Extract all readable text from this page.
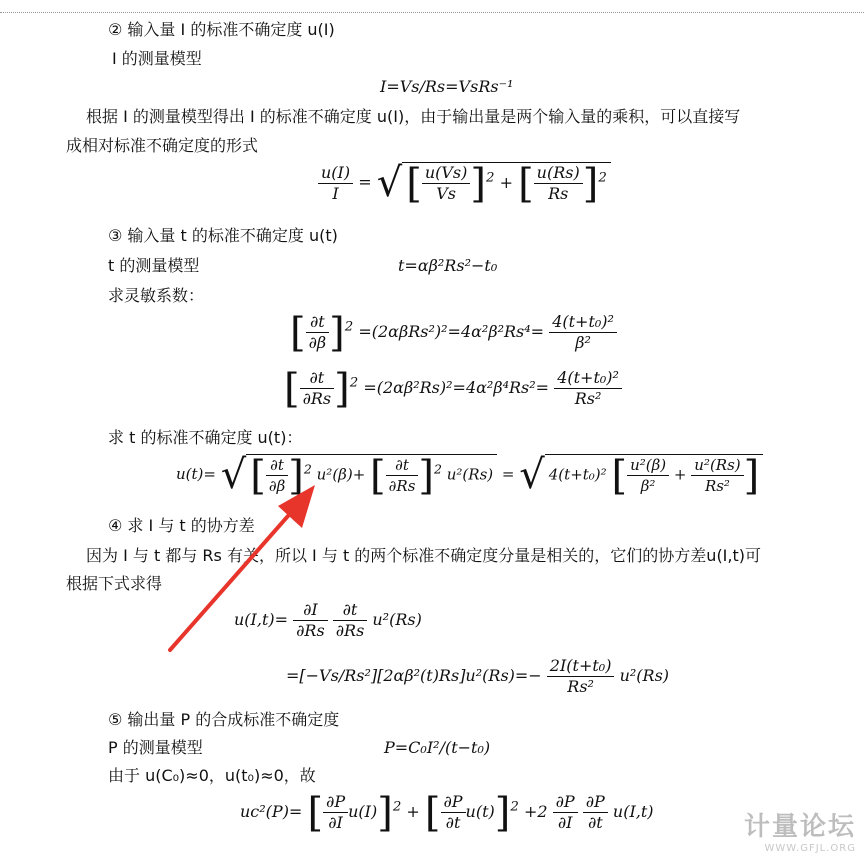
② 输入量 I 的标准不确定度 u(I)
I 的测量模型
I=Vs/Rs=VsRs⁻¹
根据 I 的测量模型得出 I 的标准不确定度 u(I)，由于输出量是两个输入量的乘积，可以直接写
成相对标准不确定度的形式
$\frac{u(I)}{I}$ = √ [ $\frac{u(Vs)}{Vs} ]^2$ + [ $\frac{u(Rs)}{Rs} ]^2$
③ 输入量 t 的标准不确定度 u(t)
t 的测量模型	t=αβ²Rs²−t₀
求灵敏系数：
[ $\frac{\partial t}{\partial\beta} ]^2 =(2\alpha\beta Rs^2)^2=4\alpha^2\beta^2Rs^4= \frac{\text{4(t+t₀)²}}{\text{β²}}$
[ $\frac{\partial t}{\partial Rs} ]^2 =(2\alpha\beta^2Rs)^2=4\alpha^2\beta^4Rs^2= \frac{\text{4(t+t₀)²}}{\text{Rs²}}$
求 t 的标准不确定度 u(t)：
u(t)= √ [ $\frac{\partial t}{\partial\beta} ]^2$ u²(β)+ [ $\frac{\partial t}{\partial Rs} ]^2$ u²(Rs) = √ 4(t+t₀)² [ $\frac{\text{u²(β)}}{\text{β²}} + \frac{\text{u²(Rs)}}{\text{Rs²}}$ ]
④ 求 I 与 t 的协方差
因为 I 与 t 都与 Rs 有关，所以 I 与 t 的两个标准不确定度分量是相关的，它们的协方差u(I,t)可
根据下式求得
$u(I,t)= \frac{\partial I}{\partial Rs}$
$\frac{\partial t}{\partial Rs} u^2(Rs)$
$=[-Vs/Rs^2][2\alpha\beta^2(t)Rs]u^2(Rs)=- \frac{\text{2I(t+t₀)}}{\text{Rs²}} u^2(Rs)$
⑤ 输出量 P 的合成标准不确定度
P 的测量模型	P=C₀I²/(t−t₀)
由于 u(C₀)≈0，u(t₀)≈0，故
uc²(P)= [ $\frac{\partial P}{\partial I} u(I)]^2$ + [ $\frac{\partial P}{\partial t} u(t)]^2 +2 \frac{\partial P}{\partial I}$
$\frac{\partial P}{\partial t} u(I,t)$
计量论坛
WWW.GFJL.ORG
